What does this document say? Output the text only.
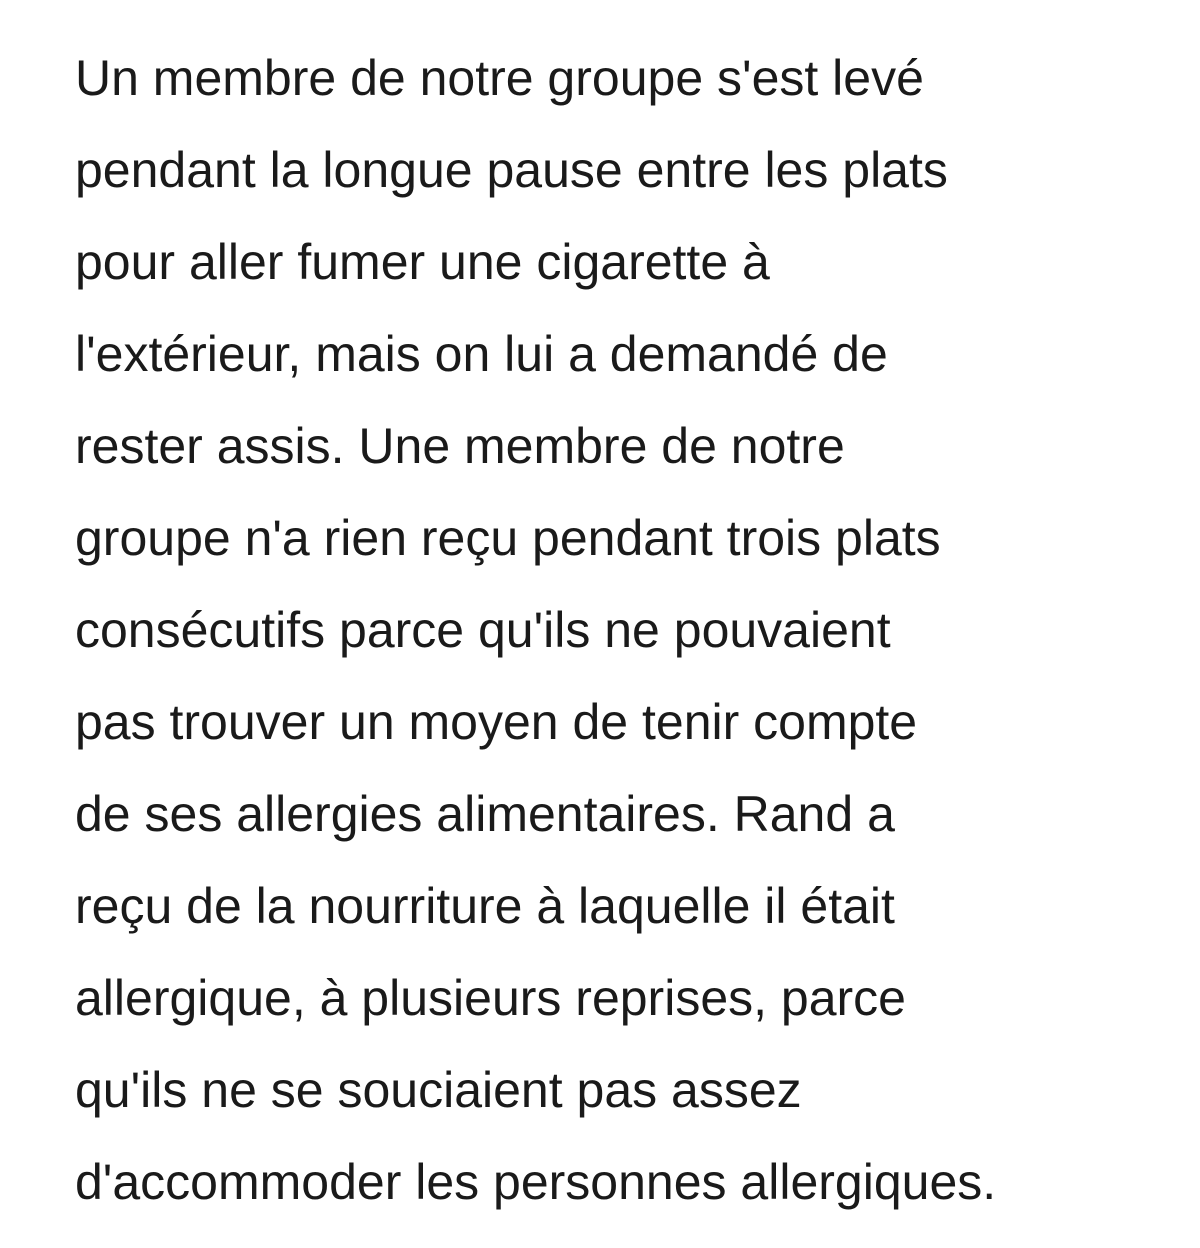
Un membre de notre groupe s'est levé
pendant la longue pause entre les plats
pour aller fumer une cigarette à
l'extérieur, mais on lui a demandé de
rester assis. Une membre de notre
groupe n'a rien reçu pendant trois plats
consécutifs parce qu'ils ne pouvaient
pas trouver un moyen de tenir compte
de ses allergies alimentaires. Rand a
reçu de la nourriture à laquelle il était
allergique, à plusieurs reprises, parce
qu'ils ne se souciaient pas assez
d'accommoder les personnes allergiques.
